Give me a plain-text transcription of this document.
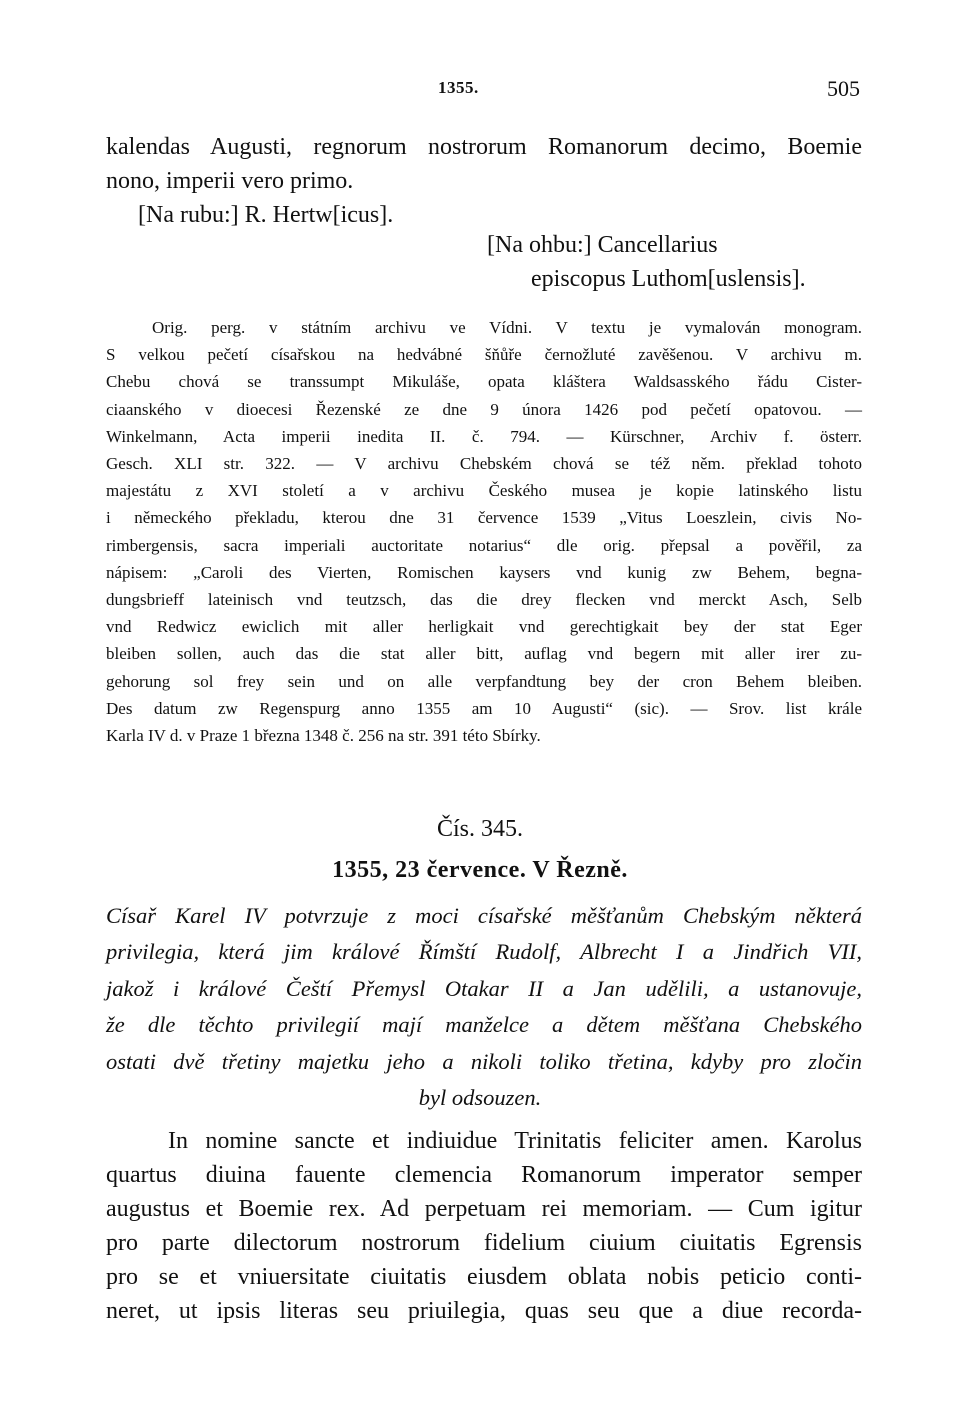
1355.	505
kalendas Augusti, regnorum nostrorum Romanorum decimo, Boemie
nono, imperii vero primo.
[Na rubu:] R. Hertw[icus].
[Na ohbu:] Cancellarius
episcopus Luthom[uslensis].
Orig. perg. v státním archivu ve Vídni. V textu je vymalován monogram.
S velkou pečetí císařskou na hedvábné šňůře černožluté zavěšenou. V archivu m.
Chebu chová se transsumpt Mikuláše, opata kláštera Waldsasského řádu Cister-
ciaanského v dioecesi Řezenské ze dne 9 února 1426 pod pečetí opatovou. —
Winkelmann, Acta imperii inedita II. č. 794. — Kürschner, Archiv f. österr.
Gesch. XLI str. 322. — V archivu Chebském chová se též něm. překlad tohoto
majestátu z XVI století a v archivu Českého musea je kopie latinského listu
i německého překladu, kterou dne 31 července 1539 „Vitus Loeszlein, civis No-
rimbergensis, sacra imperiali auctoritate notarius“ dle orig. přepsal a pověřil, za
nápisem: „Caroli des Vierten, Romischen kaysers vnd kunig zw Behem, begna-
dungsbrieff lateinisch vnd teutzsch, das die drey flecken vnd merckt Asch, Selb
vnd Redwicz ewiclich mit aller herligkait vnd gerechtigkait bey der stat Eger
bleiben sollen, auch das die stat aller bitt, auflag vnd begern mit aller irer zu-
gehorung sol frey sein und on alle verpfandtung bey der cron Behem bleiben.
Des datum zw Regenspurg anno 1355 am 10 Augusti“ (sic). — Srov. list krále
Karla IV d. v Praze 1 března 1348 č. 256 na str. 391 této Sbírky.
Čís. 345.
1355, 23 července. V Řezně.
Císař Karel IV potvrzuje z moci císařské měšťanům Chebským některá
privilegia, která jim králové Římští Rudolf, Albrecht I a Jindřich VII,
jakož i králové Čeští Přemysl Otakar II a Jan udělili, a ustanovuje,
že dle těchto privilegií mají manželce a dětem měšťana Chebského
ostati dvě třetiny majetku jeho a nikoli toliko třetina, kdyby pro zločin
byl odsouzen.
In nomine sancte et indiuidue Trinitatis feliciter amen. Karolus
quartus diuina fauente clemencia Romanorum imperator semper
augustus et Boemie rex. Ad perpetuam rei memoriam. — Cum igitur
pro parte dilectorum nostrorum fidelium ciuium ciuitatis Egrensis
pro se et vniuersitate ciuitatis eiusdem oblata nobis peticio conti-
neret, ut ipsis literas seu priuilegia, quas seu que a diue recorda-
